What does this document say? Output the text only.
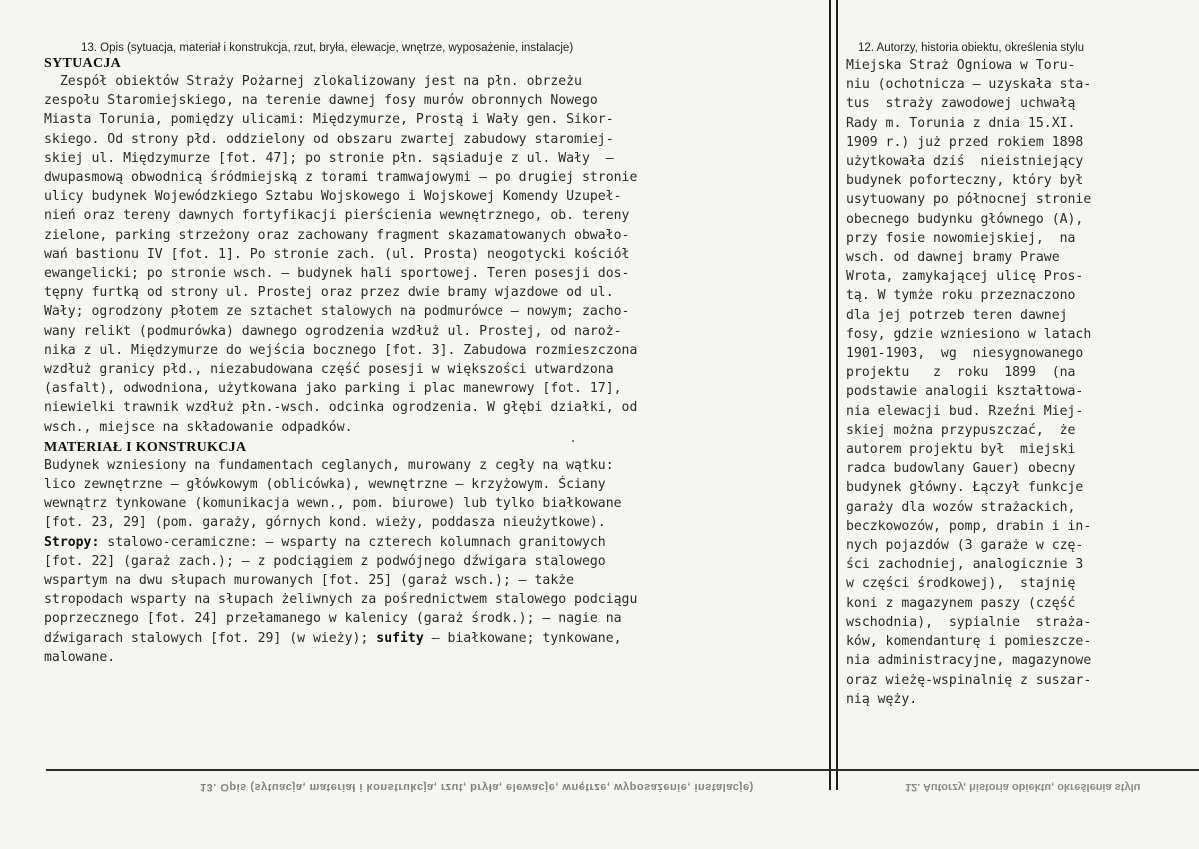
13. Opis (sytuacja, materiał i konstrukcja, rzut, bryła, elewacje, wnętrze, wyposażenie, instalacje)	12. Autorzy, historia obiektu, określenia stylu

13. Opis (sytuacja, materiał i konstrukcja, rzut, bryła, elewacje, wnętrze, wyposażenie, instalacje)

SYTUACJA

Zespół obiektów Straży Pożarnej zlokalizowany jest na płn. obrzeżu
zespołu Staromiejskiego, na terenie dawnej fosy murów obronnych Nowego
Miasta Torunia, pomiędzy ulicami: Międzymurze, Prostą i Wały gen. Sikor-
skiego. Od strony płd. oddzielony od obszaru zwartej zabudowy staromiej-
skiej ul. Międzymurze [fot. 47]; po stronie płn. sąsiaduje z ul. Wały  –
dwupasmową obwodnicą śródmiejską z torami tramwajowymi – po drugiej stronie
ulicy budynek Wojewódzkiego Sztabu Wojskowego i Wojskowej Komendy Uzupeł-
nień oraz tereny dawnych fortyfikacji pierścienia wewnętrznego, ob. tereny
zielone, parking strzeżony oraz zachowany fragment skazamatowanych obwało-
wań bastionu IV [fot. 1]. Po stronie zach. (ul. Prosta) neogotycki kościół
ewangelicki; po stronie wsch. – budynek hali sportowej. Teren posesji dos-
tępny furtką od strony ul. Prostej oraz przez dwie bramy wjazdowe od ul.
Wały; ogrodzony płotem ze sztachet stalowych na podmurówce – nowym; zacho-
wany relikt (podmurówka) dawnego ogrodzenia wzdłuż ul. Prostej, od naroż-
nika z ul. Międzymurze do wejścia bocznego [fot. 3]. Zabudowa rozmieszczona
wzdłuż granicy płd., niezabudowana część posesji w większości utwardzona
(asfalt), odwodniona, użytkowana jako parking i plac manewrowy [fot. 17],
niewielki trawnik wzdłuż płn.-wsch. odcinka ogrodzenia. W głębi działki, od
wsch., miejsce na składowanie odpadków.

MATERIAŁ I KONSTRUKCJA

Budynek wzniesiony na fundamentach ceglanych, murowany z cegły na wątku:
lico zewnętrzne – główkowym (oblicówka), wewnętrzne – krzyżowym. Ściany
wewnątrz tynkowane (komunikacja wewn., pom. biurowe) lub tylko białkowane
[fot. 23, 29] (pom. garaży, górnych kond. wieży, poddasza nieużytkowe).
Stropy: stalowo-ceramiczne: – wsparty na czterech kolumnach granitowych
[fot. 22] (garaż zach.); – z podciągiem z podwójnego dźwigara stalowego
wspartym na dwu słupach murowanych [fot. 25] (garaż wsch.); – także
stropodach wsparty na słupach żeliwnych za pośrednictwem stalowego podciągu
poprzecznego [fot. 24] przełamanego w kalenicy (garaż środk.); – nagie na
dźwigarach stalowych [fot. 29] (w wieży); sufity – białkowane; tynkowane,
malowane.

12. Autorzy, historia obiektu, określenia stylu

Miejska Straż Ogniowa w Toru-
niu (ochotnicza – uzyskała sta-
tus  straży zawodowej uchwałą
Rady m. Torunia z dnia 15.XI.
1909 r.) już przed rokiem 1898
użytkowała dziś  nieistniejący
budynek poforteczny, który był
usytuowany po północnej stronie
obecnego budynku głównego (A),
przy fosie nowomiejskiej,  na
wsch. od dawnej bramy Prawe
Wrota, zamykającej ulicę Pros-
tą. W tymże roku przeznaczono
dla jej potrzeb teren dawnej
fosy, gdzie wzniesiono w latach
1901-1903,  wg  niesygnowanego
projektu   z  roku  1899  (na
podstawie analogii kształtowa-
nia elewacji bud. Rzeźni Miej-
skiej można przypuszczać,  że
autorem projektu był  miejski
radca budowlany Gauer) obecny
budynek główny. Łączył funkcje
garaży dla wozów strażackich,
beczkowozów, pomp, drabin i in-
nych pojazdów (3 garaże w czę-
ści zachodniej, analogicznie 3
w części środkowej),  stajnię
koni z magazynem paszy (część
wschodnia),  sypialnie  straża-
ków, komendanturę i pomieszcze-
nia administracyjne, magazynowe
oraz wieżę-wspinalnię z suszar-
nią węży.
